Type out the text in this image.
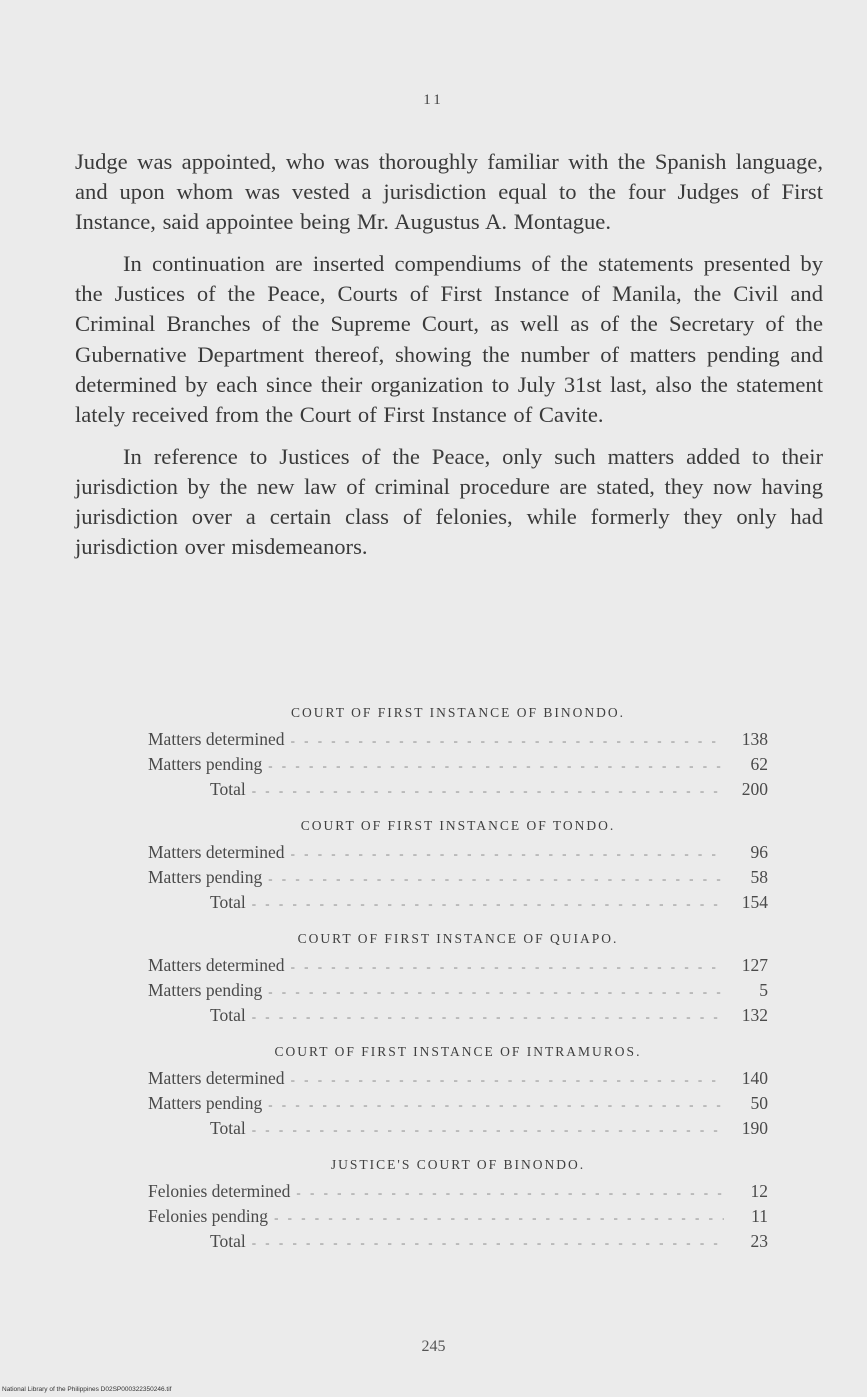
11

Judge was appointed, who was thoroughly familiar with the Spanish language, and upon whom was vested a jurisdiction equal to the four Judges of First Instance, said appointee being Mr. Augustus A. Montague.

In continuation are inserted compendiums of the statements presented by the Justices of the Peace, Courts of First Instance of Manila, the Civil and Criminal Branches of the Supreme Court, as well as of the Secretary of the Gubernative Department thereof, showing the number of matters pending and determined by each since their organization to July 31st last, also the statement lately received from the Court of First Instance of Cavite.

In reference to Justices of the Peace, only such matters added to their jurisdiction by the new law of criminal procedure are stated, they now having jurisdiction over a certain class of felonies, while formerly they only had jurisdiction over misdemeanors.

COURT OF FIRST INSTANCE OF BINONDO.
Matters determined - - -	138
Matters pending - - -	62
Total - - -	200
COURT OF FIRST INSTANCE OF TONDO.
Matters determined - - -	96
Matters pending - - -	58
Total - - -	154
COURT OF FIRST INSTANCE OF QUIAPO.
Matters determined - - -	127
Matters pending - - -	5
Total - - -	132
COURT OF FIRST INSTANCE OF INTRAMUROS.
Matters determined - - -	140
Matters pending - - -	50
Total - - -	190
JUSTICE'S COURT OF BINONDO.
Felonies determined - - -	12
Felonies pending - - -	11
Total - - -	23
245
National Library of the Philippines D02SP000322350246.tif
